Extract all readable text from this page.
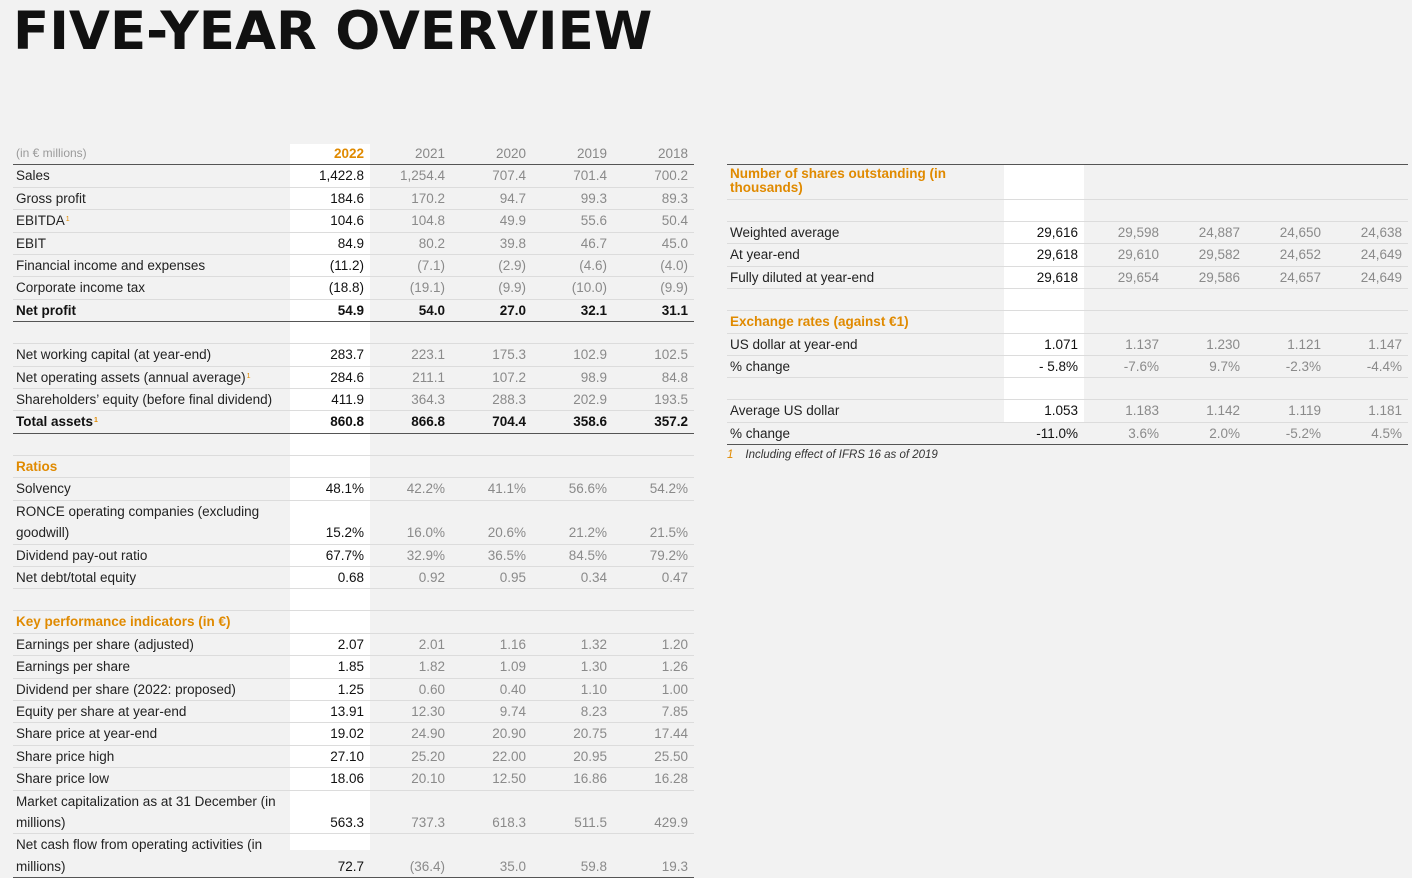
FIVE-YEAR OVERVIEW
(in € millions)	2022	2021	2020	2019	2018
Sales	1,422.8	1,254.4	707.4	701.4	700.2
Gross profit	184.6	170.2	94.7	99.3	89.3
EBITDA$^1$	104.6	104.8	49.9	55.6	50.4
EBIT	84.9	80.2	39.8	46.7	45.0
Financial income and expenses	(11.2)	(7.1)	(2.9)	(4.6)	(4.0)
Corporate income tax	(18.8)	(19.1)	(9.9)	(10.0)	(9.9)
Net profit	54.9	54.0	27.0	32.1	31.1

Net working capital (at year-end)	283.7	223.1	175.3	102.9	102.5
Net operating assets (annual average)$^1$	284.6	211.1	107.2	98.9	84.8
Shareholders’ equity (before final dividend)	411.9	364.3	288.3	202.9	193.5
Total assets$^1$	860.8	866.8	704.4	358.6	357.2

Ratios					
Solvency	48.1%	42.2%	41.1%	56.6%	54.2%
RONCE operating companies (excluding goodwill)	15.2%	16.0%	20.6%	21.2%	21.5%
Dividend pay-out ratio	67.7%	32.9%	36.5%	84.5%	79.2%
Net debt/total equity	0.68	0.92	0.95	0.34	0.47

Key performance indicators (in €)					
Earnings per share (adjusted)	2.07	2.01	1.16	1.32	1.20
Earnings per share	1.85	1.82	1.09	1.30	1.26
Dividend per share (2022: proposed)	1.25	0.60	0.40	1.10	1.00
Equity per share at year-end	13.91	12.30	9.74	8.23	7.85
Share price at year-end	19.02	24.90	20.90	20.75	17.44
Share price high	27.10	25.20	22.00	20.95	25.50
Share price low	18.06	20.10	12.50	16.86	16.28
Market capitalization as at 31 December (in millions)	563.3	737.3	618.3	511.5	429.9
Net cash flow from operating activities (in millions)	72.7	(36.4)	35.0	59.8	19.3

Number of shares outstanding (in thousands)					

Weighted average	29,616	29,598	24,887	24,650	24,638
At year-end	29,618	29,610	29,582	24,652	24,649
Fully diluted at year-end	29,618	29,654	29,586	24,657	24,649

Exchange rates (against €1)					
US dollar at year-end	1.071	1.137	1.230	1.121	1.147
% change	- 5.8%	-7.6%	9.7%	-2.3%	-4.4%

Average US dollar	1.053	1.183	1.142	1.119	1.181
% change	-11.0%	3.6%	2.0%	-5.2%	4.5%
1 Including effect of IFRS 16 as of 2019
